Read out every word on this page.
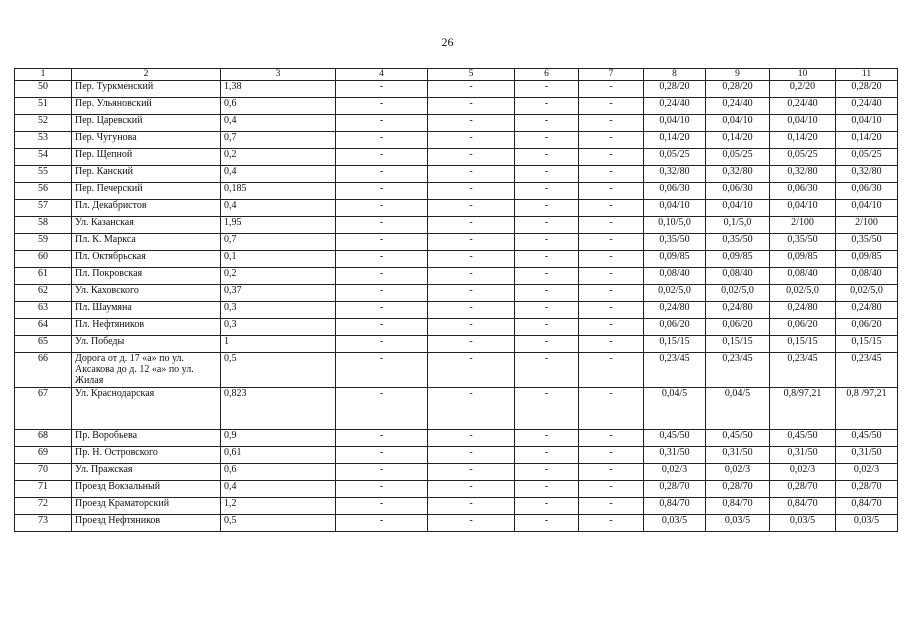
26
1	2	3	4	5	6	7	8	9	10	11
50	Пер. Туркменский	1,38	-	-	-	-	0,28/20	0,28/20	0,2/20	0,28/20
51	Пер. Ульяновский	0,6	-	-	-	-	0,24/40	0,24/40	0,24/40	0,24/40
52	Пер. Царевский	0,4	-	-	-	-	0,04/10	0,04/10	0,04/10	0,04/10
53	Пер. Чугунова	0,7	-	-	-	-	0,14/20	0,14/20	0,14/20	0,14/20
54	Пер. Щепной	0,2	-	-	-	-	0,05/25	0,05/25	0,05/25	0,05/25
55	Пер. Канский	0,4	-	-	-	-	0,32/80	0,32/80	0,32/80	0,32/80
56	Пер. Печерский	0,185	-	-	-	-	0,06/30	0,06/30	0,06/30	0,06/30
57	Пл. Декабристов	0,4	-	-	-	-	0,04/10	0,04/10	0,04/10	0,04/10
58	Ул. Казанская	1,95	-	-	-	-	0,10/5,0	0,1/5,0	2/100	2/100
59	Пл. К. Маркса	0,7	-	-	-	-	0,35/50	0,35/50	0,35/50	0,35/50
60	Пл. Октябрьская	0,1	-	-	-	-	0,09/85	0,09/85	0,09/85	0,09/85
61	Пл. Покровская	0,2	-	-	-	-	0,08/40	0,08/40	0,08/40	0,08/40
62	Ул. Каховского	0,37	-	-	-	-	0,02/5,0	0,02/5,0	0,02/5,0	0,02/5,0
63	Пл. Шаумяна	0,3	-	-	-	-	0,24/80	0,24/80	0,24/80	0,24/80
64	Пл. Нефтяников	0,3	-	-	-	-	0,06/20	0,06/20	0,06/20	0,06/20
65	Ул. Победы	1	-	-	-	-	0,15/15	0,15/15	0,15/15	0,15/15
66	Дорога от д. 17 «а» по ул. Аксакова до д. 12 «а» по ул. Жилая	0,5	-	-	-	-	0,23/45	0,23/45	0,23/45	0,23/45
67	Ул. Краснодарская	0,823	-	-	-	-	0,04/5	0,04/5	0,8/97,21	0,8 /97,21
68	Пр. Воробьева	0,9	-	-	-	-	0,45/50	0,45/50	0,45/50	0,45/50
69	Пр. Н. Островского	0,61	-	-	-	-	0,31/50	0,31/50	0,31/50	0,31/50
70	Ул. Пражская	0,6	-	-	-	-	0,02/3	0,02/3	0,02/3	0,02/3
71	Проезд Вокзальный	0,4	-	-	-	-	0,28/70	0,28/70	0,28/70	0,28/70
72	Проезд Краматорский	1,2	-	-	-	-	0,84/70	0,84/70	0,84/70	0,84/70
73	Проезд Нефтяников	0,5	-	-	-	-	0,03/5	0,03/5	0,03/5	0,03/5
